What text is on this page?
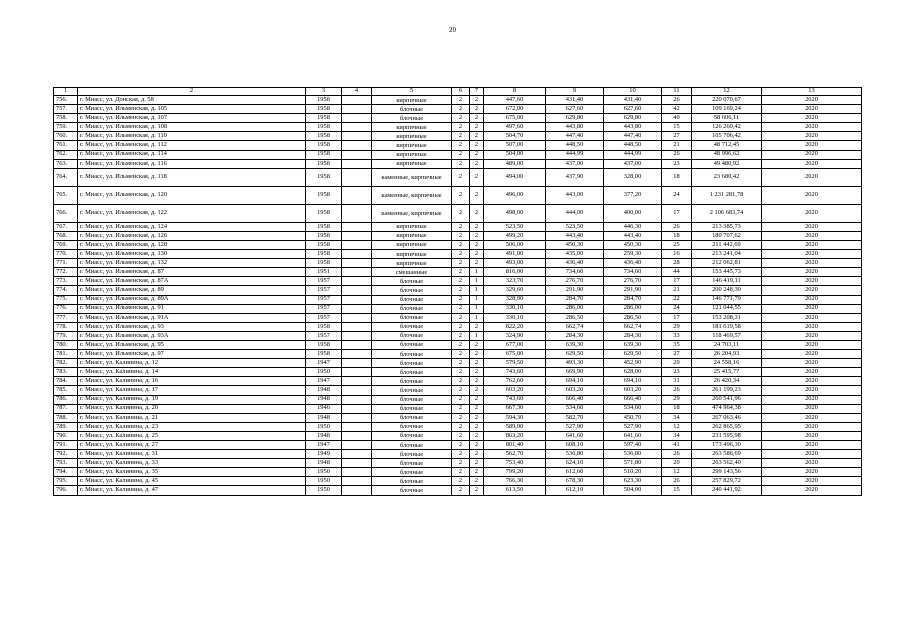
20
1	2	3	4	5	6	7	8	9	10	11	12	13
756.	г. Миасс, ул. Донская, д. 58	1958		кирпичные	2	2	447,60	431,40	431,40	26	220 070,67	2020
757.	г. Миасс, ул. Ильменская, д. 105	1958		блочные	2	2	672,00	627,60	627,60	42	109 169,24	2020
758.	г. Миасс, ул. Ильменская, д. 107	1958		блочные	2	2	675,00	629,80	629,80	40	58 606,11	2020
759.	г. Миасс, ул. Ильменская, д. 108	1958		кирпичные	2	2	497,60	443,80	443,80	15	126 269,42	2020
760.	г. Миасс, ул. Ильменская, д. 110	1958		кирпичные	2	2	504,70	447,40	447,40	27	105 706,42	2020
761.	г. Миасс, ул. Ильменская, д. 112	1958		кирпичные	2	2	507,00	448,50	448,50	21	48 712,45	2020
762.	г. Миасс, ул. Ильменская, д. 114	1958		кирпичные	2	2	504,00	444,99	444,99	26	48 996,62	2020
763.	г. Миасс, ул. Ильменская, д. 116	1958		кирпичные	2	2	489,00	437,00	437,00	23	49 480,92	2020
764.	г. Миасс, ул. Ильменская, д. 118	1958		каменные, кирпичные	2	2	494,00	437,90	328,00	18	23 680,42	2020
765.	г. Миасс, ул. Ильменская, д. 120	1958		каменные, кирпичные	2	2	496,00	443,00	377,20	24	1 231 281,78	2020
766.	г. Миасс, ул. Ильменская, д. 122	1958		каменные, кирпичные	2	2	498,00	444,00	400,00	17	2 106 683,74	2020
767.	г. Миасс, ул. Ильменская, д. 124	1958		кирпичные	2	2	523,50	523,50	446,30	26	213 385,73	2020
768.	г. Миасс, ул. Ильменская, д. 126	1958		кирпичные	2	2	499,20	443,40	443,40	18	180 707,62	2020
769.	г. Миасс, ул. Ильменская, д. 128	1958		кирпичные	2	2	506,00	450,30	450,30	25	211 442,69	2020
770.	г. Миасс, ул. Ильменская, д. 130	1958		кирпичные	2	2	491,00	435,00	259,30	16	213 241,04	2020
771.	г. Миасс, ул. Ильменская, д. 132	1958		кирпичные	2	2	493,00	436,40	436,40	28	212 062,81	2020
772.	г. Миасс, ул. Ильменская, д. 87	1951		смешанные	2	1	816,00	734,60	734,60	44	153 445,73	2020
773.	г. Миасс, ул. Ильменская, д. 87А	1957		блочные	2	1	323,70	276,70	276,70	17	146 419,11	2020
774.	г. Миасс, ул. Ильменская, д. 89	1957		блочные	2	1	329,60	291,90	291,90	21	200 248,30	2020
775.	г. Миасс, ул. Ильменская, д. 89А	1957		блочные	2	1	328,90	284,70	284,70	22	146 771,79	2020
776.	г. Миасс, ул. Ильменская, д. 91	1957		блочные	2	1	330,10	286,00	286,00	24	121 044,55	2020
777.	г. Миасс, ул. Ильменская, д. 91А	1957		блочные	2	1	330,10	286,50	286,50	17	153 208,31	2020
778.	г. Миасс, ул. Ильменская, д. 93	1958		блочные	2	2	822,20	662,74	662,74	29	181 619,58	2020
779.	г. Миасс, ул. Ильменская, д. 93А	1957		блочные	2	1	324,90	284,30	284,30	33	118 469,57	2020
780.	г. Миасс, ул. Ильменская, д. 95	1958		блочные	2	2	677,00	639,30	639,30	35	24 703,11	2020
781.	г. Миасс, ул. Ильменская, д. 97	1958		блочные	2	2	675,00	629,50	629,50	27	26 204,93	2020
782.	г. Миасс, ул. Калинина, д. 12	1947		блочные	2	2	579,50	493,30	452,90	20	24 558,16	2020
783.	г. Миасс, ул. Калинина, д. 14	1950		блочные	2	2	743,60	669,90	628,00	23	25 415,77	2020
784.	г. Миасс, ул. Калинина, д. 16	1947		блочные	2	2	762,60	694,10	694,10	31	26 420,34	2020
785.	г. Миасс, ул. Калинина, д. 17	1948		блочные	2	2	603,20	603,20	603,20	26	261 199,23	2020
786.	г. Миасс, ул. Калинина, д. 19	1948		блочные	2	2	743,60	666,40	666,40	29	260 541,96	2020
787.	г. Миасс, ул. Калинина, д. 20	1946		блочные	2	2	667,30	534,60	534,60	18	474 964,38	2020
788.	г. Миасс, ул. Калинина, д. 21	1948		блочные	2	2	594,30	582,70	450,70	34	267 063,46	2020
789.	г. Миасс, ул. Калинина, д. 23	1950		блочные	2	2	589,90	527,90	527,90	12	262 865,95	2020
790.	г. Миасс, ул. Калинина, д. 25	1948		блочные	2	2	863,20	641,60	641,60	34	231 595,98	2020
791.	г. Миасс, ул. Калинина, д. 27	1947		блочные	2	2	801,40	608,10	597,40	41	173 496,30	2020
792.	г. Миасс, ул. Калинина, д. 31	1949		блочные	2	2	562,70	536,80	536,80	26	263 586,69	2020
793.	г. Миасс, ул. Калинина, д. 33	1948		блочные	2	2	753,40	624,10	571,80	20	263 562,40	2020
794.	г. Миасс, ул. Калинина, д. 35	1950		блочные	2	2	799,20	612,60	510,20	12	299 143,56	2020
795.	г. Миасс, ул. Калинина, д. 45	1950		блочные	2	2	766,30	678,30	623,30	26	257 829,72	2020
796.	г. Миасс, ул. Калинина, д. 47	1950		блочные	2	2	613,50	612,10	504,00	15	240 441,92	2020
